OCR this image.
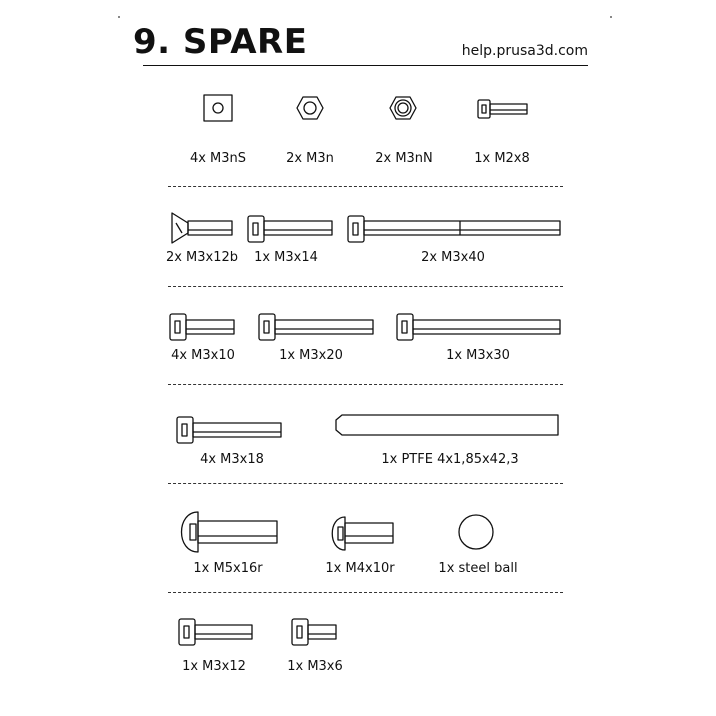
9. SPARE	help.prusa3d.com
4x M3nS	2x M3n	2x M3nN	1x M2x8
2x M3x12b 1x M3x14	2x M3x40
4x M3x10	1x M3x20	1x M3x30
4x M3x18	1x PTFE 4x1,85x42,3
1x M5x16r	1x M4x10r	1x steel ball
1x M3x12	1x M3x6
